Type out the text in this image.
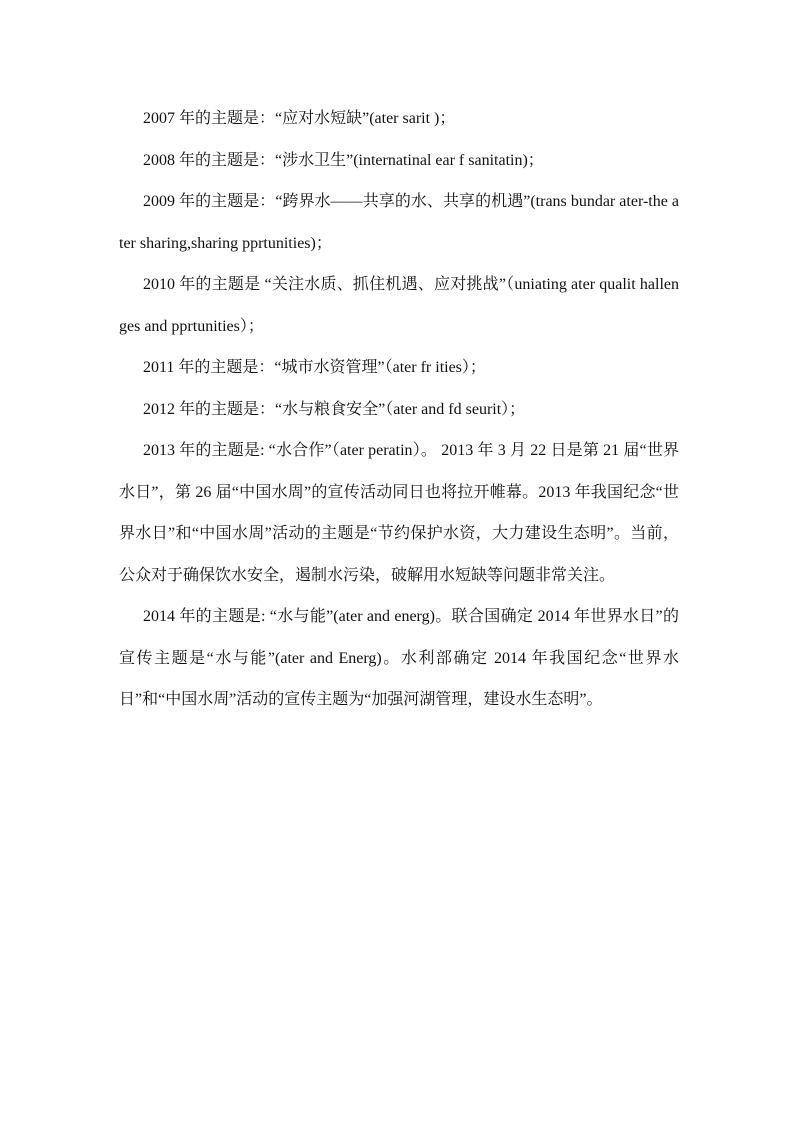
2007 年的主题是：“应对水短缺”(ater sarit )；

2008 年的主题是：“涉水卫生”(internatinal ear f sanitatin)；

2009 年的主题是：“跨界水——共享的水、共享的机遇”(trans bundar ater-the ater sharing,sharing pprtunities)；

2010 年的主题是 “关注水质、抓住机遇、应对挑战”（uniating ater qualit hallenges and pprtunities）；

2011 年的主题是：“城市水资管理”（ater fr ities）；

2012 年的主题是：“水与粮食安全”（ater and fd seurit）；

2013 年的主题是: “水合作”（ater peratin）。 2013 年 3 月 22 日是第 21 届“世界水日”，第 26 届“中国水周”的宣传活动同日也将拉开帷幕。2013 年我国纪念“世界水日”和“中国水周”活动的主题是“节约保护水资，大力建设生态明”。当前，公众对于确保饮水安全，遏制水污染，破解用水短缺等问题非常关注。

2014 年的主题是: “水与能”(ater and energ)。联合国确定 2014 年世界水日”的宣传主题是“水与能”(ater and Energ)。水利部确定 2014 年我国纪念“世界水日”和“中国水周”活动的宣传主题为“加强河湖管理，建设水生态明”。
